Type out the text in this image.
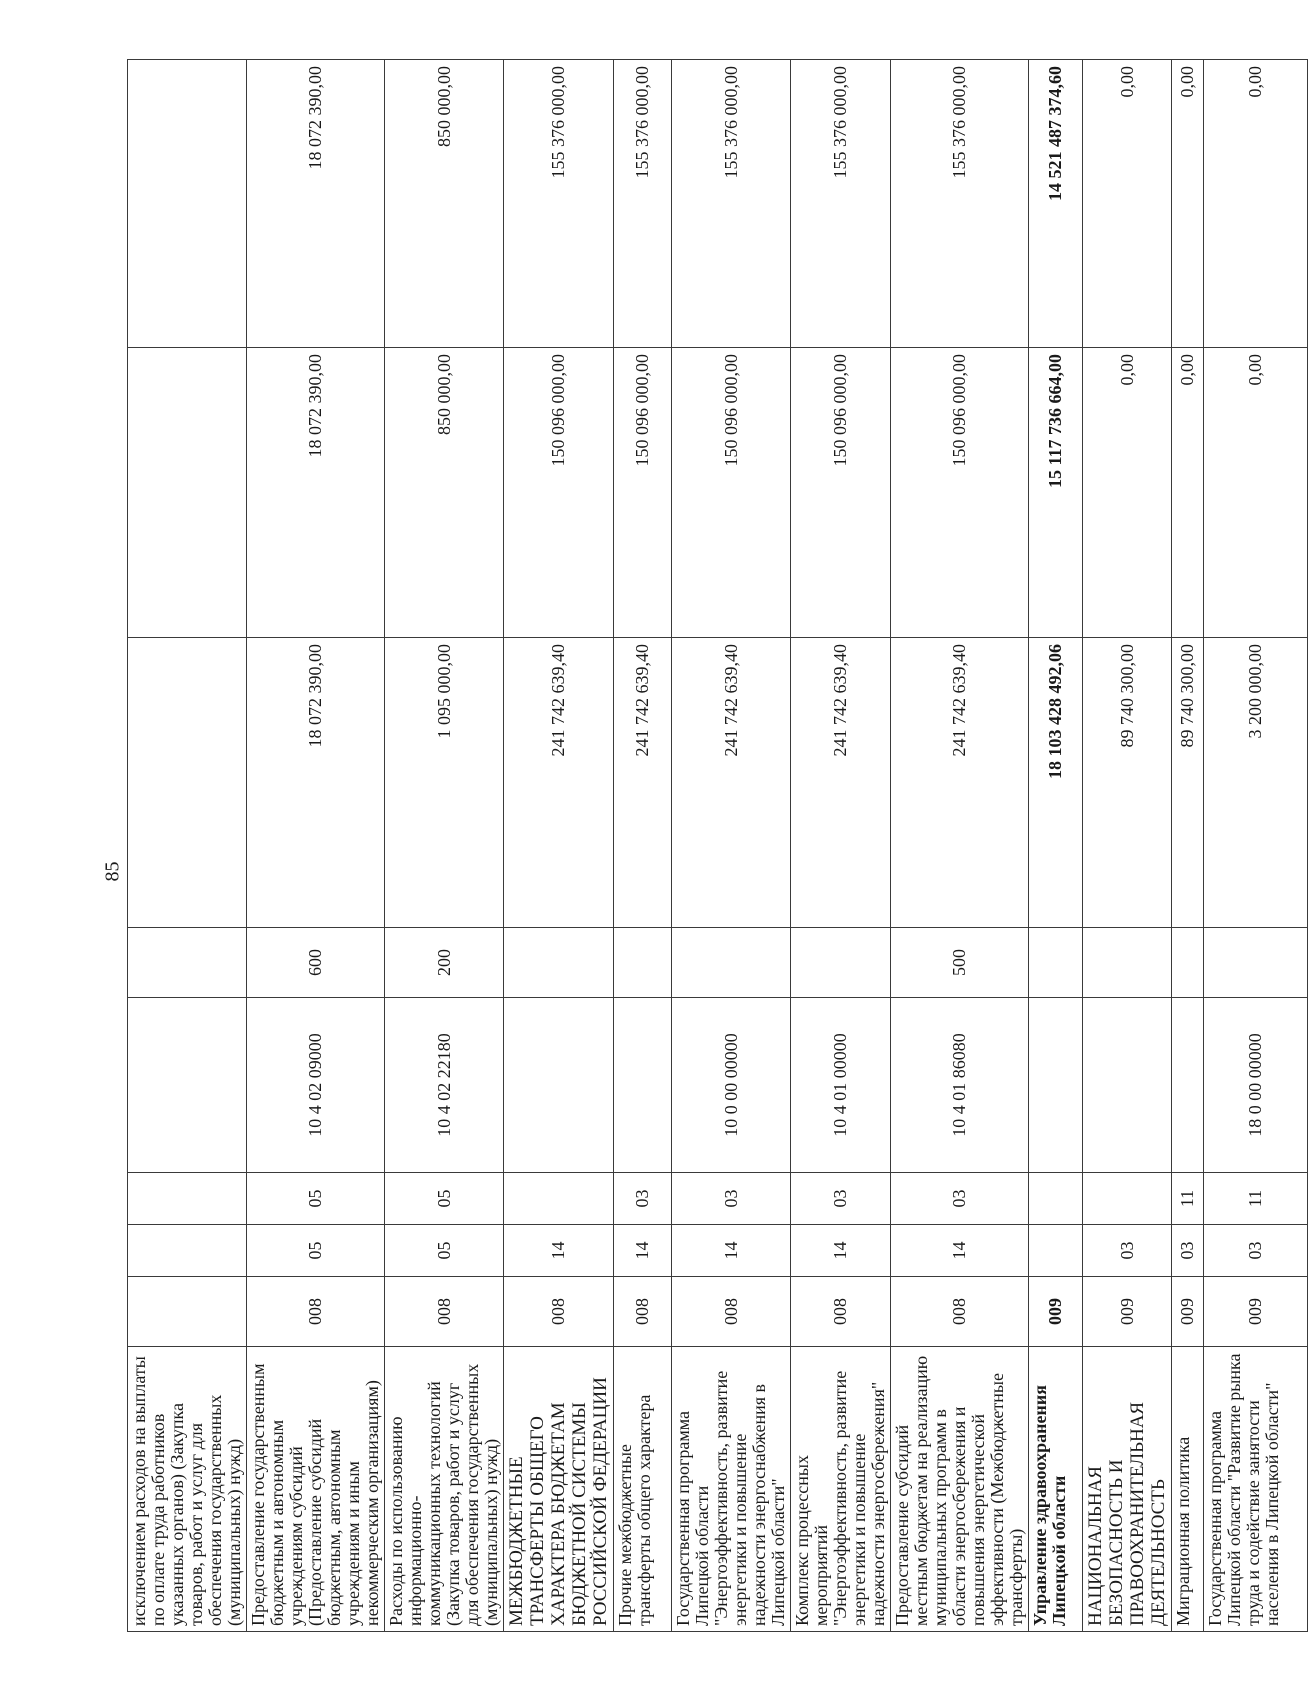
85
исключением расходов на выплаты по оплате труда работников указанных органов) (Закупка товаров, работ и услуг для обеспечения государственных (муниципальных) нужд)								
Предоставление государственным бюджетным и автономным учреждениям субсидий (Предоставление субсидий бюджетным, автономным учреждениям и иным некоммерческим организациям)	008	05	05	10 4 02 09000	600	18 072 390,00	18 072 390,00	18 072 390,00
Расходы по использованию информационно-коммуникационных технологий (Закупка товаров, работ и услуг для обеспечения государственных (муниципальных) нужд)	008	05	05	10 4 02 22180	200	1 095 000,00	850 000,00	850 000,00
МЕЖБЮДЖЕТНЫЕ ТРАНСФЕРТЫ ОБЩЕГО ХАРАКТЕРА БЮДЖЕТАМ БЮДЖЕТНОЙ СИСТЕМЫ РОССИЙСКОЙ ФЕДЕРАЦИИ	008	14				241 742 639,40	150 096 000,00	155 376 000,00
Прочие межбюджетные трансферты общего характера	008	14	03			241 742 639,40	150 096 000,00	155 376 000,00
Государственная программа Липецкой области "Энергоэффективность, развитие энергетики и повышение надежности энергоснабжения в Липецкой области"	008	14	03	10 0 00 00000		241 742 639,40	150 096 000,00	155 376 000,00
Комплекс процессных мероприятий "Энергоэффективность, развитие энергетики и повышение надежности энергосбережения"	008	14	03	10 4 01 00000		241 742 639,40	150 096 000,00	155 376 000,00
Предоставление субсидий местным бюджетам на реализацию муниципальных программ в области энергосбережения и повышения энергетической эффективности (Межбюджетные трансферты)	008	14	03	10 4 01 86080	500	241 742 639,40	150 096 000,00	155 376 000,00
Управление здравоохранения Липецкой области	009					18 103 428 492,06	15 117 736 664,00	14 521 487 374,60
НАЦИОНАЛЬНАЯ БЕЗОПАСНОСТЬ И ПРАВООХРАНИТЕЛЬНАЯ ДЕЯТЕЛЬНОСТЬ	009	03				89 740 300,00	0,00	0,00
Миграционная политика	009	03	11			89 740 300,00	0,00	0,00
Государственная программа Липецкой области "Развитие рынка труда и содействие занятости населения в Липецкой области"	009	03	11	18 0 00 00000		3 200 000,00	0,00	0,00
